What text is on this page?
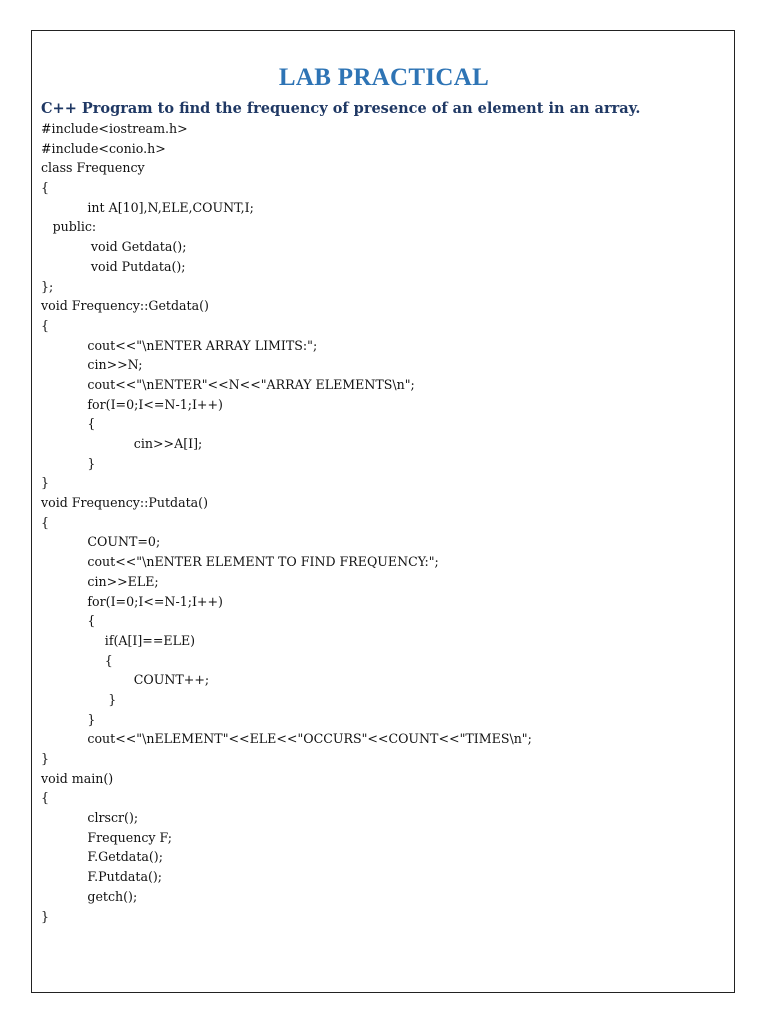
LAB PRACTICAL
C++ Program to find the frequency of presence of an element in an array.
#include<iostream.h>
#include<conio.h>
class Frequency
{
int A[10],N,ELE,COUNT,I;
public:
void Getdata();
void Putdata();
};
void Frequency::Getdata()
{
cout<<"\nENTER ARRAY LIMITS:";
cin>>N;
cout<<"\nENTER"<<N<<"ARRAY ELEMENTS\n";
for(I=0;I<=N-1;I++)
{
cin>>A[I];
}
}
void Frequency::Putdata()
{
COUNT=0;
cout<<"\nENTER ELEMENT TO FIND FREQUENCY:";
cin>>ELE;
for(I=0;I<=N-1;I++)
{
if(A[I]==ELE)
{
COUNT++;
}
}
cout<<"\nELEMENT"<<ELE<<"OCCURS"<<COUNT<<"TIMES\n";
}
void main()
{
clrscr();
Frequency F;
F.Getdata();
F.Putdata();
getch();
}
